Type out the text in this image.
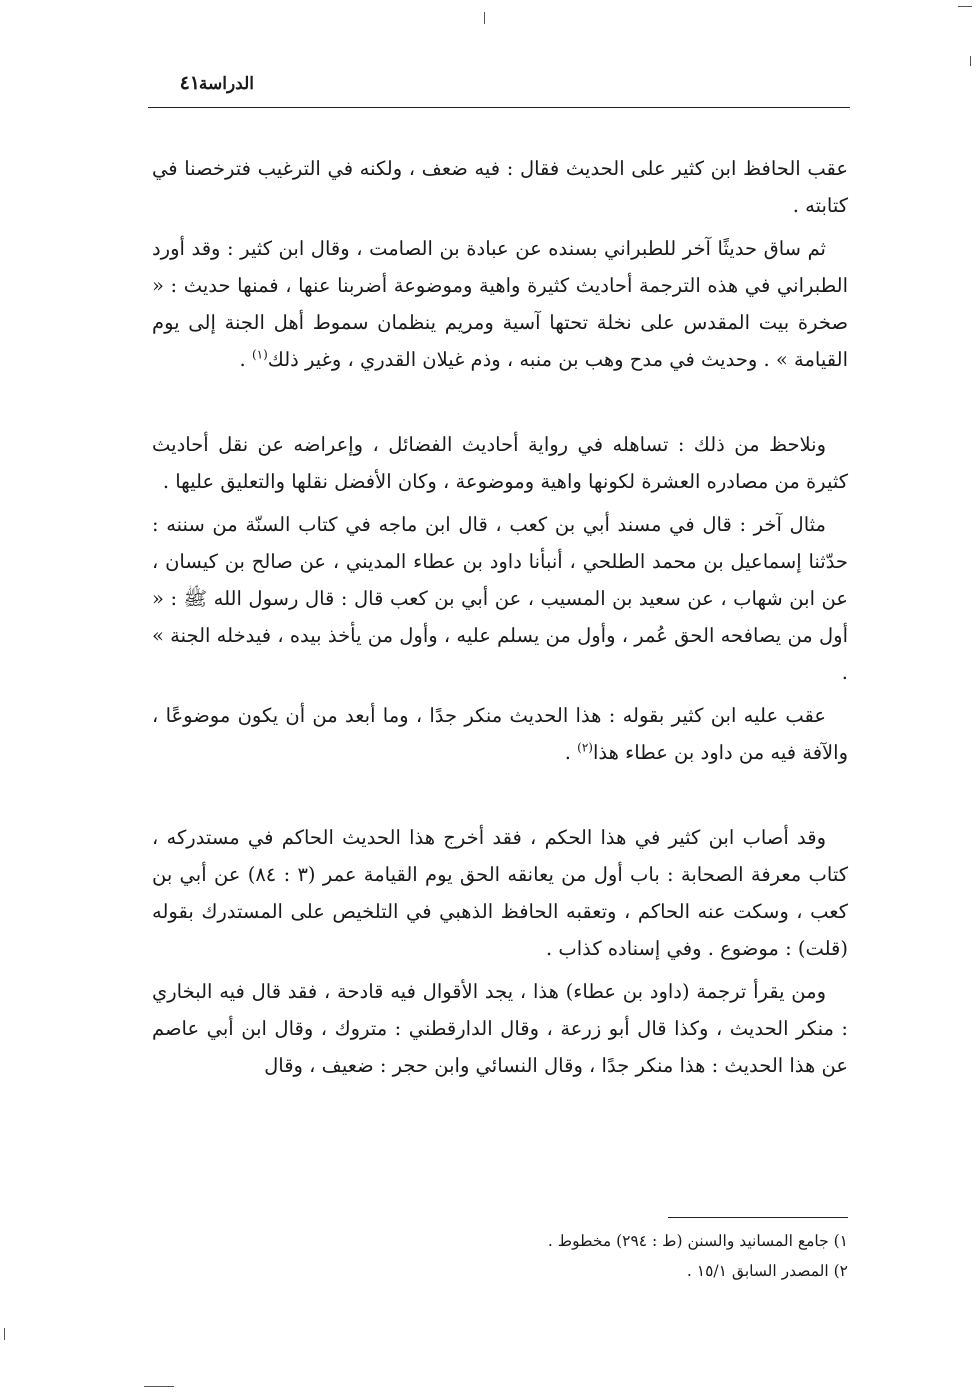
الدراسة
٤١

عقب الحافظ ابن كثير على الحديث فقال : فيه ضعف ، ولكنه في الترغيب فترخصنا في كتابته .

ثم ساق حديثًا آخر للطبراني بسنده عن عبادة بن الصامت ، وقال ابن كثير : وقد أورد الطبراني في هذه الترجمة أحاديث كثيرة واهية وموضوعة أضربنا عنها ، فمنها حديث : « صخرة بيت المقدس على نخلة تحتها آسية ومريم ينظمان سموط أهل الجنة إلى يوم القيامة » . وحديث في مدح وهب بن منبه ، وذم غيلان القدري ، وغير ذلك$^{(١)}$ .

ونلاحظ من ذلك : تساهله في رواية أحاديث الفضائل ، وإعراضه عن نقل أحاديث كثيرة من مصادره العشرة لكونها واهية وموضوعة ، وكان الأفضل نقلها والتعليق عليها .

مثال آخر : قال في مسند أبي بن كعب ، قال ابن ماجه في كتاب السنّة من سننه : حدّثنا إسماعيل بن محمد الطلحي ، أنبأنا داود بن عطاء المديني ، عن صالح بن كيسان ، عن ابن شهاب ، عن سعيد بن المسيب ، عن أبي بن كعب قال : قال رسول الله ﷺ : « أول من يصافحه الحق عُمر ، وأول من يسلم عليه ، وأول من يأخذ بيده ، فيدخله الجنة » .

عقب عليه ابن كثير بقوله : هذا الحديث منكر جدًا ، وما أبعد من أن يكون موضوعًا ، والآفة فيه من داود بن عطاء هذا$^{(٢)}$ .

وقد أصاب ابن كثير في هذا الحكم ، فقد أخرج هذا الحديث الحاكم في مستدركه ، كتاب معرفة الصحابة : باب أول من يعانقه الحق يوم القيامة عمر (٣ : ٨٤) عن أبي بن كعب ، وسكت عنه الحاكم ، وتعقبه الحافظ الذهبي في التلخيص على المستدرك بقوله (قلت) : موضوع . وفي إسناده كذاب .

ومن يقرأ ترجمة (داود بن عطاء) هذا ، يجد الأقوال فيه قادحة ، فقد قال فيه البخاري : منكر الحديث ، وكذا قال أبو زرعة ، وقال الدارقطني : متروك ، وقال ابن أبي عاصم عن هذا الحديث : هذا منكر جدًا ، وقال النسائي وابن حجر : ضعيف ، وقال

١) جامع المسانيد والسنن (ط : ٢٩٤) مخطوط .

٢) المصدر السابق ١٥/١ .
